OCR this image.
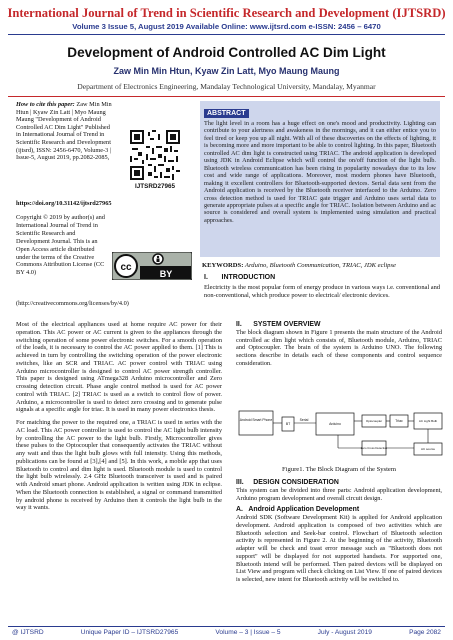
International Journal of Trend in Scientific Research and Development (IJTSRD)
Volume 3 Issue 5, August 2019 Available Online: www.ijtsrd.com e-ISSN: 2456 – 6470
Development of Android Controlled AC Dim Light
Zaw Min Min Htun, Kyaw Zin Latt, Myo Maung Maung
Department of Electronics Engineering, Mandalay Technological University, Mandalay, Myanmar
How to cite this paper: Zaw Min Min Htun | Kyaw Zin Latt | Myo Maung Maung "Development of Android Controlled AC Dim Light" Published in International Journal of Trend in Scientific Research and Development (ijtsrd), ISSN: 2456-6470, Volume-3 | Issue-5, August 2019, pp.2082-2085,
IJTSRD27965
https://doi.org/10.31142/ijtsrd27965
Copyright © 2019 by author(s) and International Journal of Trend in Scientific Research and Development Journal. This is an Open Access article distributed under the terms of the Creative Commons Attribution License (CC BY 4.0)	cc
BY
(http://creativecommons.org/licenses/by/4.0)
ABSTRACT
The light level in a room has a huge effect on one's mood and productivity. Lighting can contribute to your alertness and awakeness in the mornings, and it can either entice you to feel tired or keep you up all night. With all of these discoveries on the effects of lighting, it is becoming more and more important to be able to control lighting. In this paper, Bluetooth controlled AC dim light is constructed using TRIAC. The android application is developed using JDK in Android Eclipse which will control the on/off function of the light bulb. Bluetooth wireless communication has been rising in popularity nowadays due to its low cost and wide range of applications. Moreover, most modern phones have Bluetooth, making it excellent controllers for Bluetooth-supported devices. Serial data sent from the Android application is received by the Bluetooth receiver interfaced to the Arduino. Zero cross detection method is used for TRIAC gate trigger and Arduino uses serial data to generate appropriate pulses at a specific angle for TRIAC. Isolation between Arduino and ac source is considered and overall system is implemented using simulation and practical approaches.
KEYWORDS: Arduino, Bluetooth Communication, TRIAC, JDK eclipse
I.       INTRODUCTION
Electricity is the most popular form of energy produce in various ways i.e. conventional and non-conventional, which produce power to electrical/ electronic devices.

Most of the electrical appliances used at home require AC power for their operation. This AC power or AC current is given to the appliances through the switching operation of some power electronic switches. For a smooth operation of the loads, it is necessary to control the AC power applied to them. [1] This is achieved in turn by controlling the switching operation of the power electronic switches, like an SCR and TRIAC. AC power control with TRIAC using Arduino microcontroller is designed to control AC power strength controller. This paper is designed using ATmega328 Arduino microcontroller and Zero crossing detection circuit. Phase angle control method is used for AC power control with TRIAC. [2] TRIAC is used as a switch to control flow of power. Arduino, a microcontroller is used to detect zero crossing and to generate pulse signals at a specific angle for triac. It is used in many power electronics thesis.

For matching the power to the required one, a TRIAC is used in series with the AC load. This AC power controller is used to control the AC light bulb intensity by controlling the AC power to the light bulb. Firstly, Microcontroller gives these pulses to the Optocoupler that consequently activates the TRIAC without any wait and thus the light bulb glows with full intensity. Using this methods, publications can be found at [3],[4] and [5]. In this work, a mobile app that uses Bluetooth to control and dim light is used. Bluetooth module is used to control the light bulb wirelessly. 2.4 GHz Bluetooth transceiver is used and is paired with Android smart phone. Android application is written using JDK in eclipse. When the Bluetooth connection is established, a signal or command transmitted by android phone is received by Arduino then it controls the light bulb in the way it wants.

II.      SYSTEM OVERVIEW
The block diagram shown in Figure 1 presents the main structure of the Android controlled ac dim light which consists of, Bluetooth module, Arduino, TRIAC and Optocoupler. The brain of the system is Arduino UNO. The following sections describe in details each of these components and control sequence consideration.
Android Smart Phone
BT
Serial
Arduino
Optocoupler	Triac	AC Light Bulb
Zero Cross Detection	AC source
Figure1. The Block Diagram of the System
III.     DESIGN CONSIDERATION
This system can be divided into three parts: Android application development, Arduino program development and overall circuit design.
A.   Android Application Development
Android SDK (Software Development Kit) is applied for Android application development. Android application is composed of two activities which are Bluetooth selection and Seek-bar control. Flowchart of Bluetooth selection activity is represented in Figure 2. At the beginning of the activity, Bluetooth adapter will be check and toast error message such as "Bluetooth does not support" will be displayed for not supported handsets. For supported one, Bluetooth intend will be performed. Then paired devices will be displayed on List View and program will check clicking on List View. If one of paired devices is selected, new intent for Bluetooth activity will be switched to.
@ IJTSRD	Unique Paper ID – IJTSRD27965	Volume – 3 | Issue – 5	July - August 2019	Page 2082
